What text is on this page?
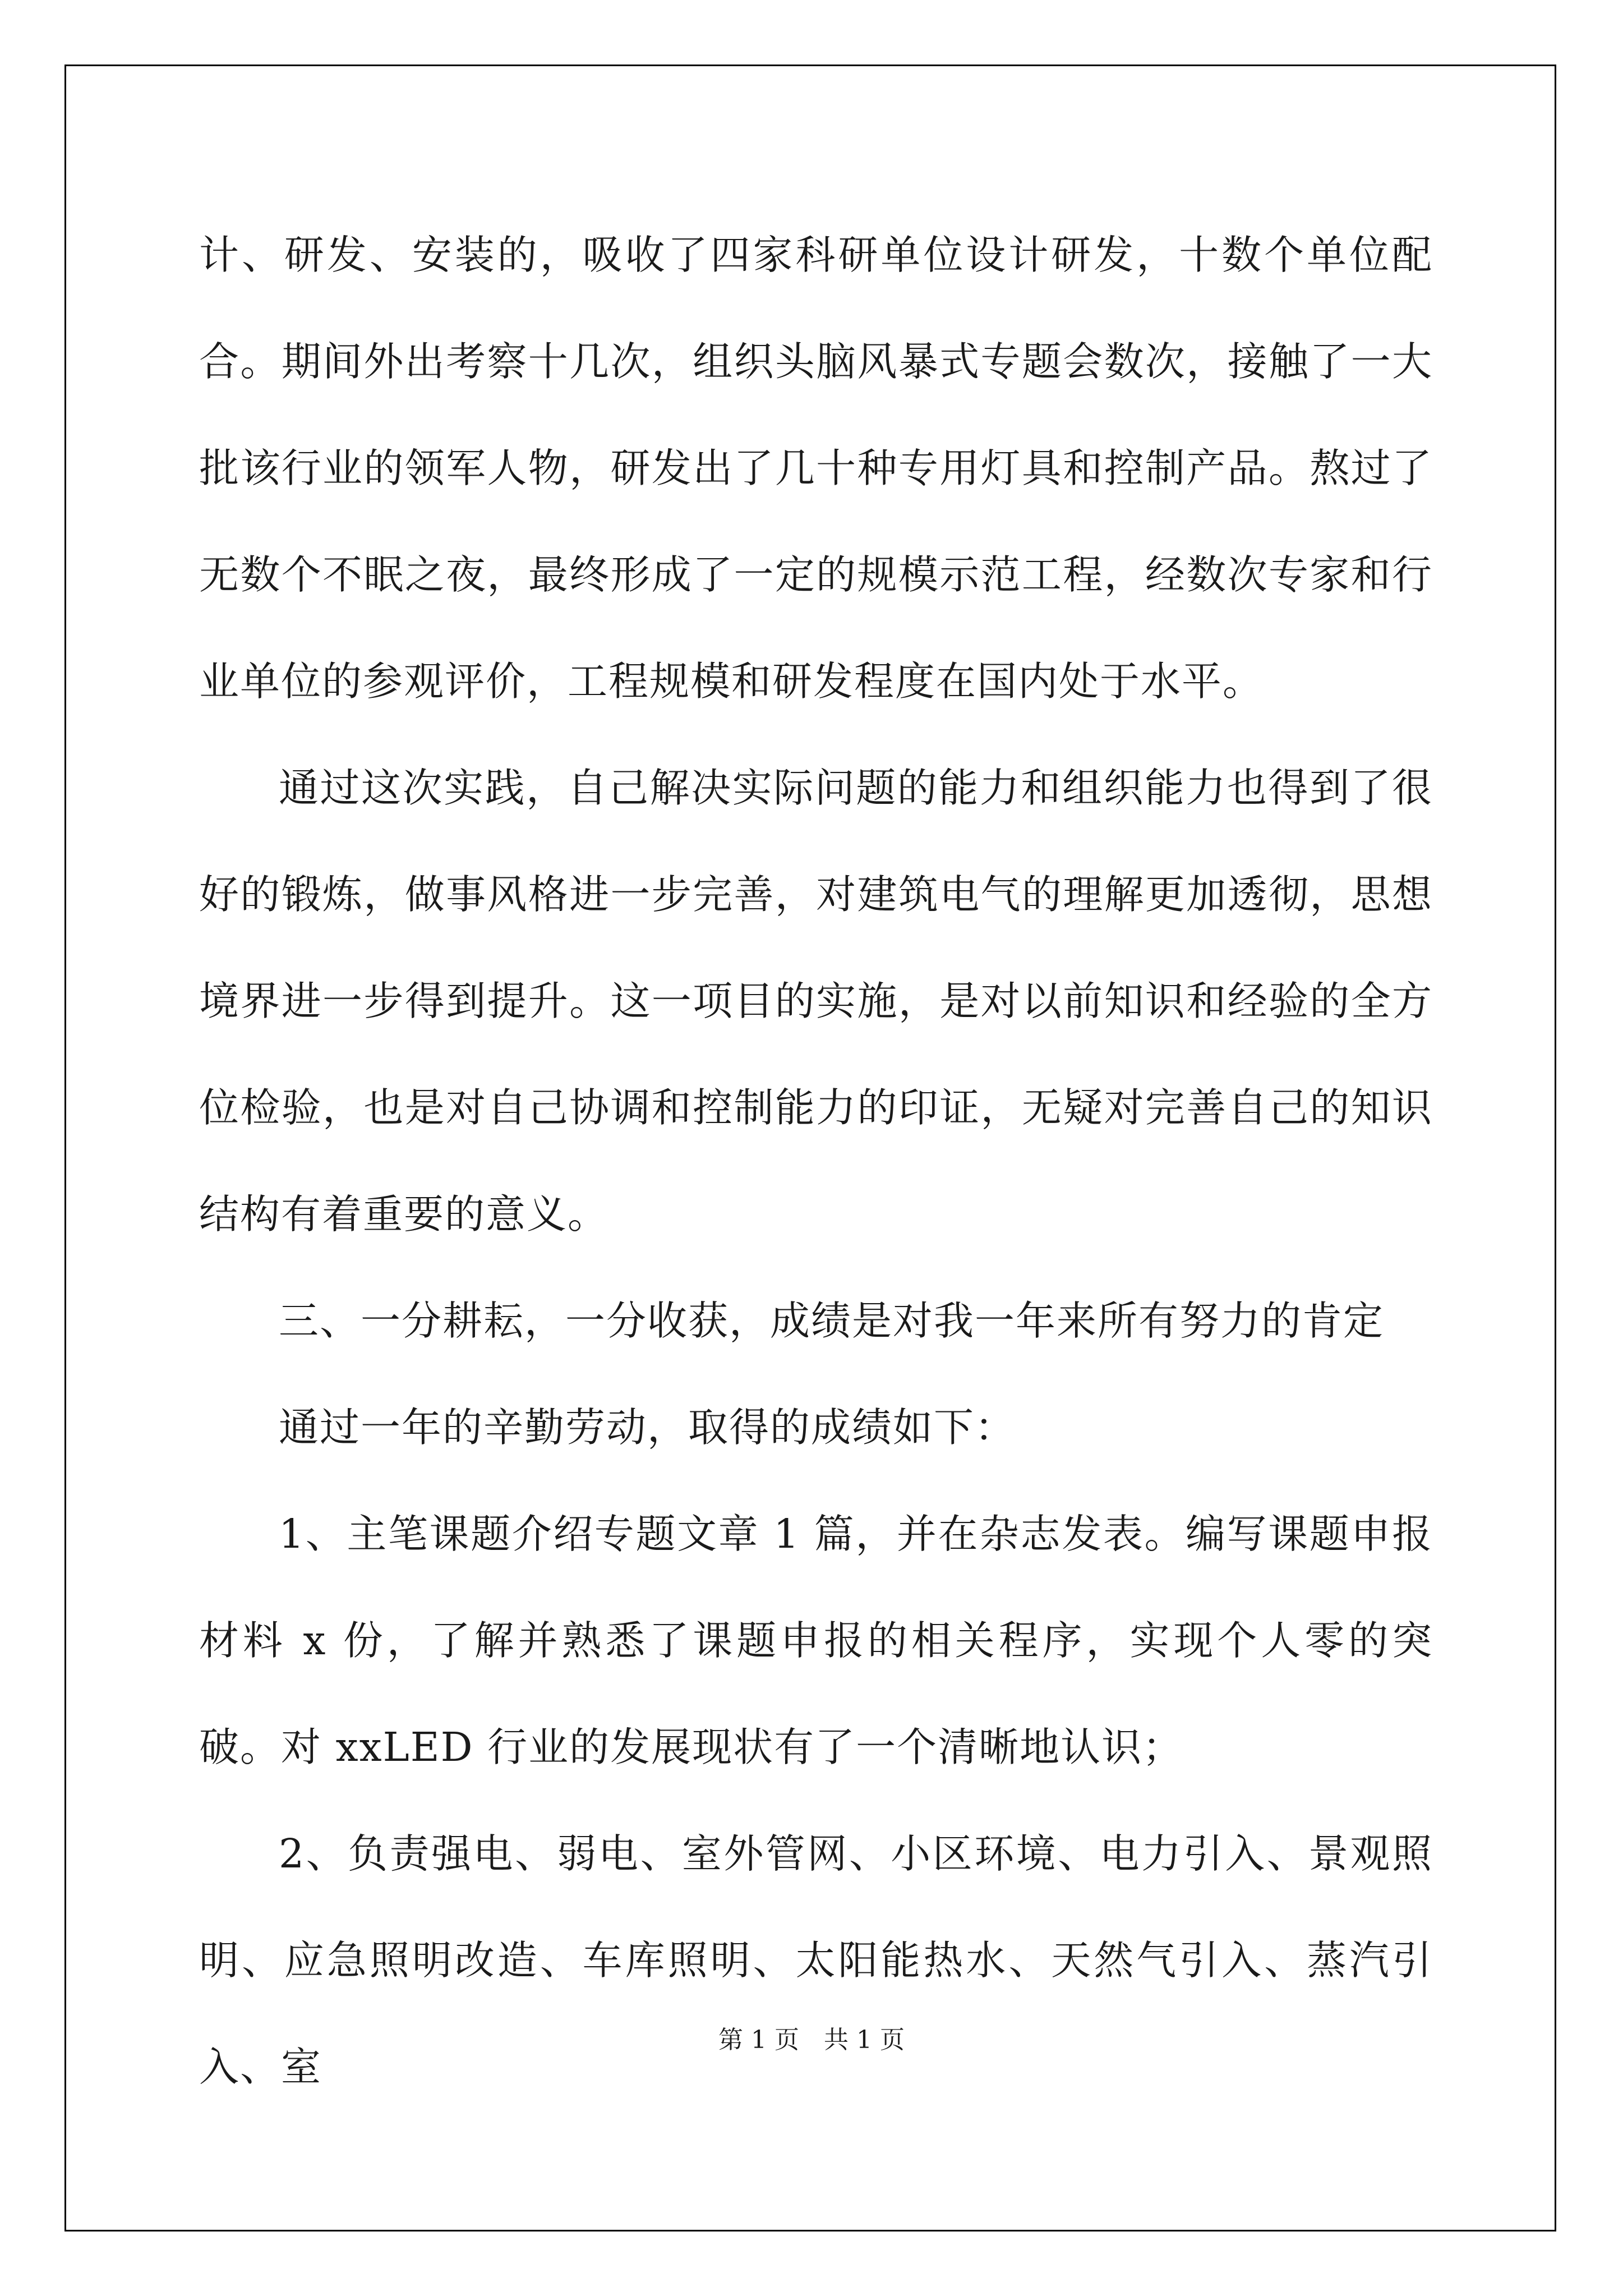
计、研发、安装的，吸收了四家科研单位设计研发，十数个单位配合。期间外出考察十几次，组织头脑风暴式专题会数次，接触了一大批该行业的领军人物，研发出了几十种专用灯具和控制产品。熬过了无数个不眠之夜，最终形成了一定的规模示范工程，经数次专家和行业单位的参观评价，工程规模和研发程度在国内处于水平。

通过这次实践，自己解决实际问题的能力和组织能力也得到了很好的锻炼，做事风格进一步完善，对建筑电气的理解更加透彻，思想境界进一步得到提升。这一项目的实施，是对以前知识和经验的全方位检验，也是对自己协调和控制能力的印证，无疑对完善自己的知识结构有着重要的意义。

三、一分耕耘，一分收获，成绩是对我一年来所有努力的肯定

通过一年的辛勤劳动，取得的成绩如下：

1、主笔课题介绍专题文章 1 篇，并在杂志发表。编写课题申报材料 x 份，了解并熟悉了课题申报的相关程序，实现个人零的突破。对 xxLED 行业的发展现状有了一个清晰地认识；

2、负责强电、弱电、室外管网、小区环境、电力引入、景观照明、应急照明改造、车库照明、太阳能热水、天然气引入、蒸汽引入、室

第 1 页　共 1 页
